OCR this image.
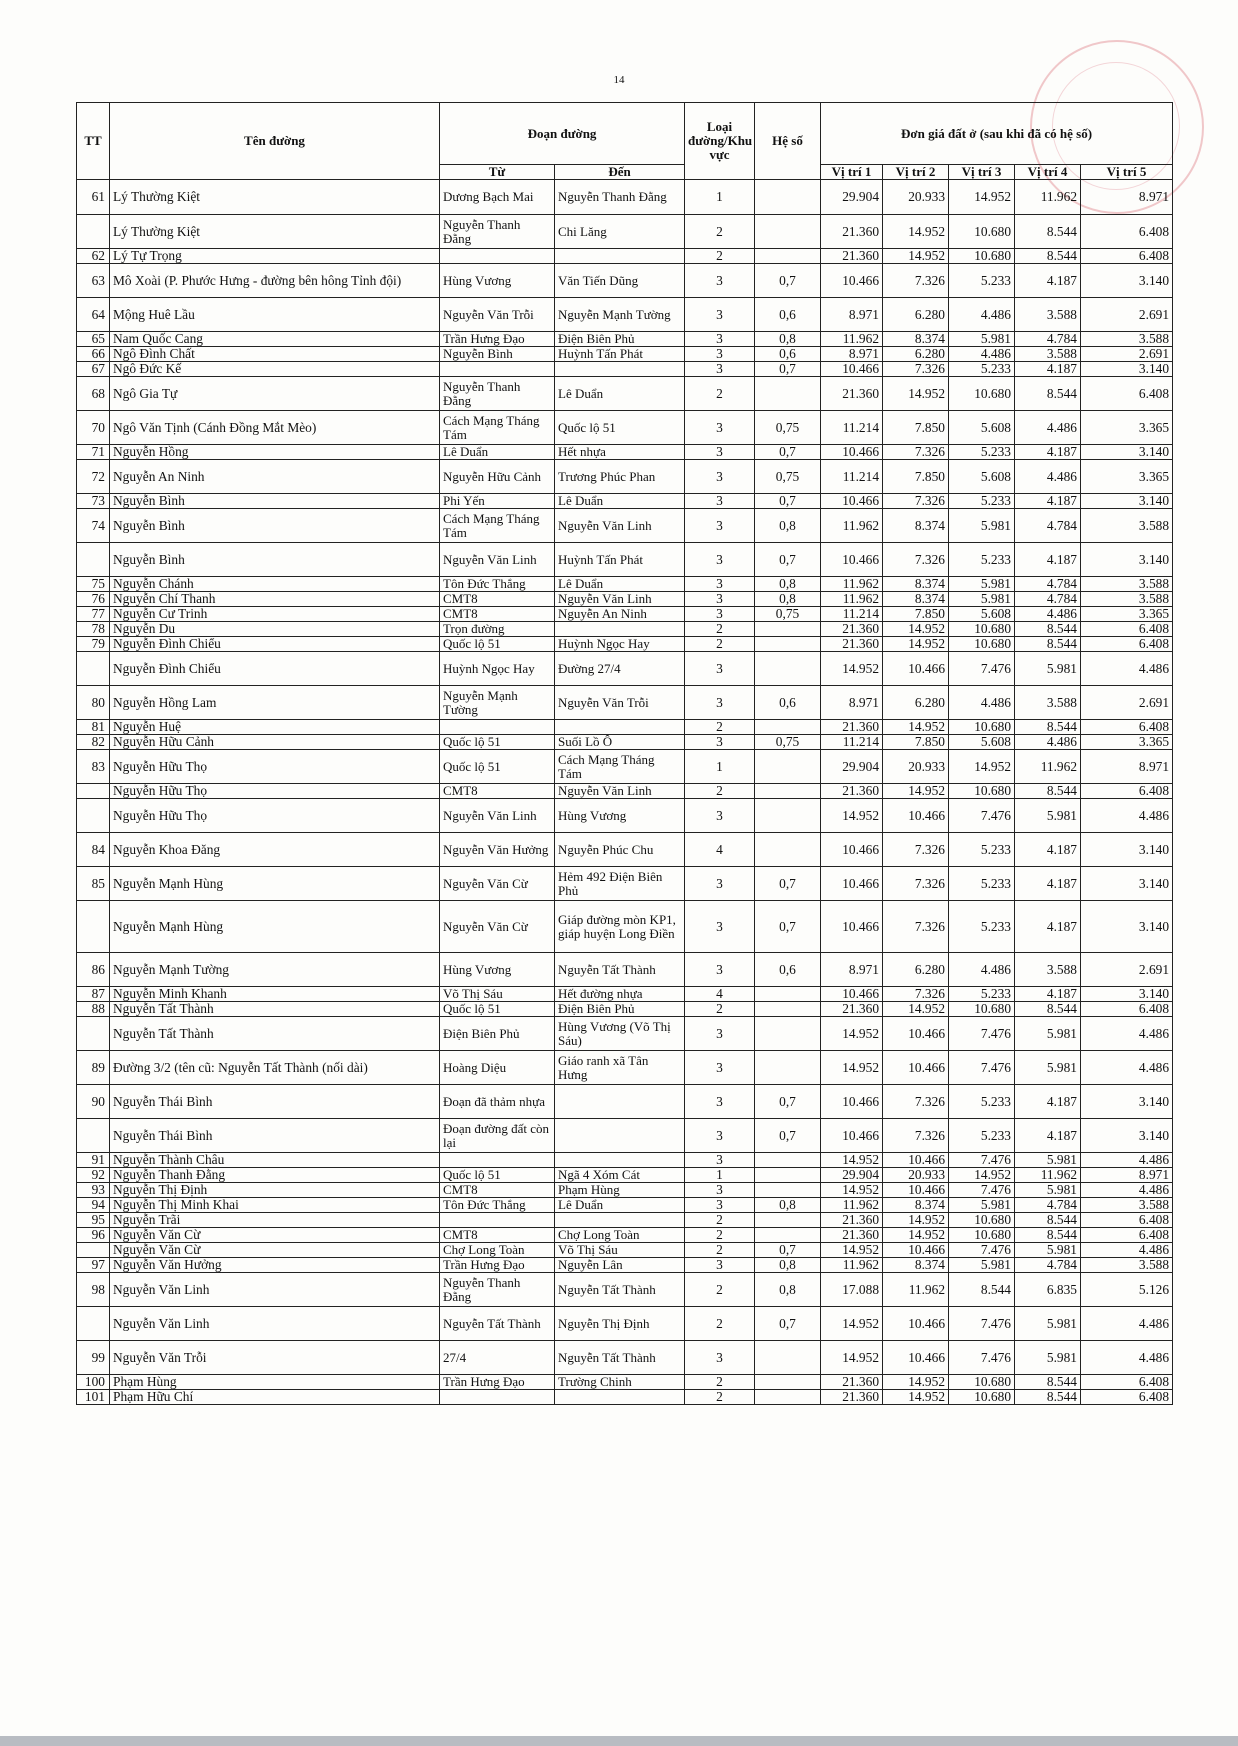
14
TT	Tên đường	Đoạn đường		Loại đường/Khu vực	Hệ số	Đơn giá đất ở (sau khi đã có hệ số)				
		Từ	Đến			Vị trí 1	Vị trí 2	Vị trí 3	Vị trí 4	Vị trí 5
61	Lý Thường Kiệt	Dương Bạch Mai	Nguyễn Thanh Đằng	1		29.904	20.933	14.952	11.962	8.971
	Lý Thường Kiệt	Nguyễn Thanh Đằng	Chi Lăng	2		21.360	14.952	10.680	8.544	6.408
62	Lý Tự Trọng			2		21.360	14.952	10.680	8.544	6.408
63	Mô Xoài (P. Phước Hưng - đường bên hông Tỉnh đội)	Hùng Vương	Văn Tiến Dũng	3	0,7	10.466	7.326	5.233	4.187	3.140
64	Mộng Huê Lầu	Nguyễn Văn Trỗi	Nguyễn Mạnh Tường	3	0,6	8.971	6.280	4.486	3.588	2.691
65	Nam Quốc Cang	Trần Hưng Đạo	Điện Biên Phủ	3	0,8	11.962	8.374	5.981	4.784	3.588
66	Ngô Đình Chất	Nguyễn Bình	Huỳnh Tấn Phát	3	0,6	8.971	6.280	4.486	3.588	2.691
67	Ngô Đức Kế			3	0,7	10.466	7.326	5.233	4.187	3.140
68	Ngô Gia Tự	Nguyễn Thanh Đằng	Lê Duẩn	2		21.360	14.952	10.680	8.544	6.408
70	Ngô Văn Tịnh (Cánh Đồng Mắt Mèo)	Cách Mạng Tháng Tám	Quốc lộ 51	3	0,75	11.214	7.850	5.608	4.486	3.365
71	Nguyễn Hồng	Lê Duẩn	Hết nhựa	3	0,7	10.466	7.326	5.233	4.187	3.140
72	Nguyễn An Ninh	Nguyễn Hữu Cảnh	Trương Phúc Phan	3	0,75	11.214	7.850	5.608	4.486	3.365
73	Nguyễn Bình	Phi Yến	Lê Duẩn	3	0,7	10.466	7.326	5.233	4.187	3.140
74	Nguyễn Bình	Cách Mạng Tháng Tám	Nguyễn Văn Linh	3	0,8	11.962	8.374	5.981	4.784	3.588
	Nguyễn Bình	Nguyễn Văn Linh	Huỳnh Tấn Phát	3	0,7	10.466	7.326	5.233	4.187	3.140
75	Nguyễn Chánh	Tôn Đức Thắng	Lê Duẩn	3	0,8	11.962	8.374	5.981	4.784	3.588
76	Nguyễn Chí Thanh	CMT8	Nguyễn Văn Linh	3	0,8	11.962	8.374	5.981	4.784	3.588
77	Nguyễn Cư Trinh	CMT8	Nguyễn An Ninh	3	0,75	11.214	7.850	5.608	4.486	3.365
78	Nguyễn Du	Trọn đường		2		21.360	14.952	10.680	8.544	6.408
79	Nguyễn Đình Chiểu	Quốc lộ 51	Huỳnh Ngọc Hay	2		21.360	14.952	10.680	8.544	6.408
	Nguyễn Đình Chiểu	Huỳnh Ngọc Hay	Đường 27/4	3		14.952	10.466	7.476	5.981	4.486
80	Nguyễn Hồng Lam	Nguyễn Mạnh Tường	Nguyễn Văn Trỗi	3	0,6	8.971	6.280	4.486	3.588	2.691
81	Nguyễn Huệ			2		21.360	14.952	10.680	8.544	6.408
82	Nguyễn Hữu Cảnh	Quốc lộ 51	Suối Lồ Ô	3	0,75	11.214	7.850	5.608	4.486	3.365
83	Nguyễn Hữu Thọ	Quốc lộ 51	Cách Mạng Tháng Tám	1		29.904	20.933	14.952	11.962	8.971
	Nguyễn Hữu Thọ	CMT8	Nguyễn Văn Linh	2		21.360	14.952	10.680	8.544	6.408
	Nguyễn Hữu Thọ	Nguyễn Văn Linh	Hùng Vương	3		14.952	10.466	7.476	5.981	4.486
84	Nguyễn Khoa Đăng	Nguyễn Văn Hưởng	Nguyễn Phúc Chu	4		10.466	7.326	5.233	4.187	3.140
85	Nguyễn Mạnh Hùng	Nguyễn Văn Cừ	Hẻm 492 Điện Biên Phủ	3	0,7	10.466	7.326	5.233	4.187	3.140
	Nguyễn Mạnh Hùng	Nguyễn Văn Cừ	Giáp đường mòn KP1, giáp huyện Long Điền	3	0,7	10.466	7.326	5.233	4.187	3.140
86	Nguyễn Mạnh Tường	Hùng Vương	Nguyễn Tất Thành	3	0,6	8.971	6.280	4.486	3.588	2.691
87	Nguyễn Minh Khanh	Võ Thị Sáu	Hết đường nhựa	4		10.466	7.326	5.233	4.187	3.140
88	Nguyễn Tất Thành	Quốc lộ 51	Điện Biên Phủ	2		21.360	14.952	10.680	8.544	6.408
	Nguyễn Tất Thành	Điện Biên Phủ	Hùng Vương (Võ Thị Sáu)	3		14.952	10.466	7.476	5.981	4.486
89	Đường 3/2 (tên cũ: Nguyễn Tất Thành (nối dài)	Hoàng Diệu	Giáo ranh xã Tân Hưng	3		14.952	10.466	7.476	5.981	4.486
90	Nguyễn Thái Bình	Đoạn đã thảm nhựa		3	0,7	10.466	7.326	5.233	4.187	3.140
	Nguyễn Thái Bình	Đoạn đường đất còn lại		3	0,7	10.466	7.326	5.233	4.187	3.140
91	Nguyễn Thành Châu			3		14.952	10.466	7.476	5.981	4.486
92	Nguyễn Thanh Đằng	Quốc lộ 51	Ngã 4 Xóm Cát	1		29.904	20.933	14.952	11.962	8.971
93	Nguyễn Thị Định	CMT8	Phạm Hùng	3		14.952	10.466	7.476	5.981	4.486
94	Nguyễn Thị Minh Khai	Tôn Đức Thắng	Lê Duẩn	3	0,8	11.962	8.374	5.981	4.784	3.588
95	Nguyễn Trãi			2		21.360	14.952	10.680	8.544	6.408
96	Nguyễn Văn Cừ	CMT8	Chợ Long Toàn	2		21.360	14.952	10.680	8.544	6.408
	Nguyễn Văn Cừ	Chợ Long Toàn	Võ Thị Sáu	2	0,7	14.952	10.466	7.476	5.981	4.486
97	Nguyễn Văn Hưởng	Trần Hưng Đạo	Nguyễn Lân	3	0,8	11.962	8.374	5.981	4.784	3.588
98	Nguyễn Văn Linh	Nguyễn Thanh Đằng	Nguyễn Tất Thành	2	0,8	17.088	11.962	8.544	6.835	5.126
	Nguyễn Văn Linh	Nguyễn Tất Thành	Nguyễn Thị Định	2	0,7	14.952	10.466	7.476	5.981	4.486
99	Nguyễn Văn Trỗi	27/4	Nguyễn Tất Thành	3		14.952	10.466	7.476	5.981	4.486
100	Phạm Hùng	Trần Hưng Đạo	Trường Chinh	2		21.360	14.952	10.680	8.544	6.408
101	Phạm Hữu Chí			2		21.360	14.952	10.680	8.544	6.408
